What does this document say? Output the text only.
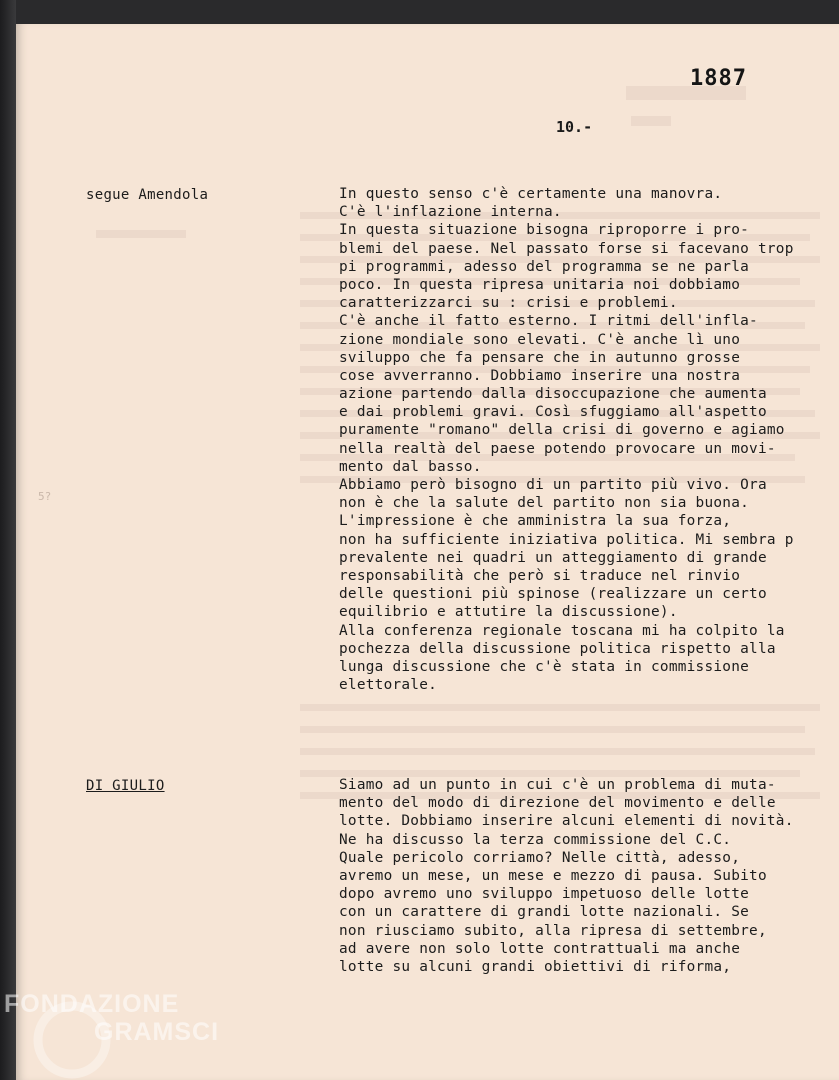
1887
10.-
segue Amendola	In questo senso c'è certamente una manovra.
C'è l'inflazione interna.
In questa situazione bisogna riproporre i pro-
blemi del paese. Nel passato forse si facevano trop
pi programmi, adesso del programma se ne parla
poco. In questa ripresa unitaria noi dobbiamo
caratterizzarci su : crisi e problemi.
C'è anche il fatto esterno. I ritmi dell'infla-
zione mondiale sono elevati. C'è anche lì uno
sviluppo che fa pensare che in autunno grosse
cose avverranno. Dobbiamo inserire una nostra
azione partendo dalla disoccupazione che aumenta
e dai problemi gravi. Così sfuggiamo all'aspetto
puramente "romano" della crisi di governo e agiamo
nella realtà del paese potendo provocare un movi-
mento dal basso.
Abbiamo però bisogno di un partito più vivo. Ora
non è che la salute del partito non sia buona.
L'impressione è che amministra la sua forza,
non ha sufficiente iniziativa politica. Mi sembra p
prevalente nei quadri un atteggiamento di grande
responsabilità che però si traduce nel rinvio
delle questioni più spinose (realizzare un certo
equilibrio e attutire la discussione).
Alla conferenza regionale toscana mi ha colpito la
pochezza della discussione politica rispetto alla
lunga discussione che c'è stata in commissione
elettorale.
DI GIULIO	Siamo ad un punto in cui c'è un problema di muta-
mento del modo di direzione del movimento e delle
lotte. Dobbiamo inserire alcuni elementi di novità.
Ne ha discusso la terza commissione del C.C.
Quale pericolo corriamo? Nelle città, adesso,
avremo un mese, un mese e mezzo di pausa. Subito
dopo avremo uno sviluppo impetuoso delle lotte
con un carattere di grandi lotte nazionali. Se
non riusciamo subito, alla ripresa di settembre,
ad avere non solo lotte contrattuali ma anche
lotte su alcuni grandi obiettivi di riforma,
5?
FONDAZIONE
GRAMSCI
